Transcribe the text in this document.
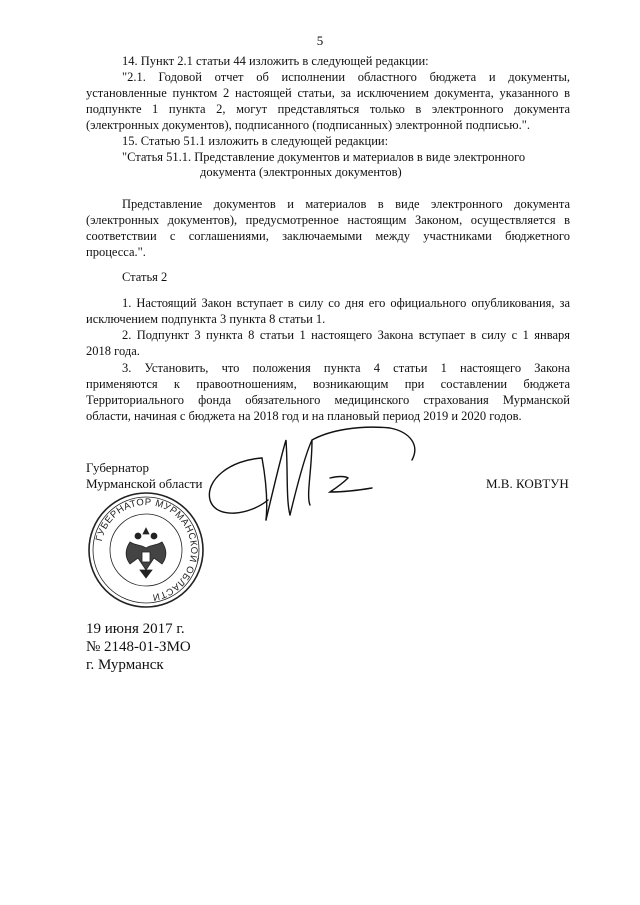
5
14. Пункт 2.1 статьи 44 изложить в следующей редакции:
"2.1. Годовой отчет об исполнении областного бюджета и документы,
установленные пунктом 2 настоящей статьи, за исключением документа, указанного в
подпункте 1 пункта 2, могут представляться только в электронного документа
(электронных документов), подписанного (подписанных) электронной подписью.".
15. Статью 51.1 изложить в следующей редакции:
"Статья 51.1. Представление документов и материалов в виде электронного
документа (электронных документов)
Представление документов и материалов в виде электронного документа
(электронных документов), предусмотренное настоящим Законом, осуществляется в
соответствии с соглашениями, заключаемыми между участниками бюджетного
процесса.".
Статья 2
1. Настоящий Закон вступает в силу со дня его официального опубликования, за
исключением подпункта 3 пункта 8 статьи 1.
2. Подпункт 3 пункта 8 статьи 1 настоящего Закона вступает в силу с 1 января
2018 года.
3. Установить, что положения пункта 4 статьи 1 настоящего Закона
применяются к правоотношениям, возникающим при составлении бюджета
Территориального фонда обязательного медицинского страхования Мурманской
области, начиная с бюджета на 2018 год и на плановый период 2019 и 2020 годов.
Губернатор
Мурманской области	М.В. КОВТУН
ГУБЕРНАТОР МУРМАНСКОЙ ОБЛАСТИ
19 июня 2017 г.
№ 2148-01-ЗМО
г. Мурманск
